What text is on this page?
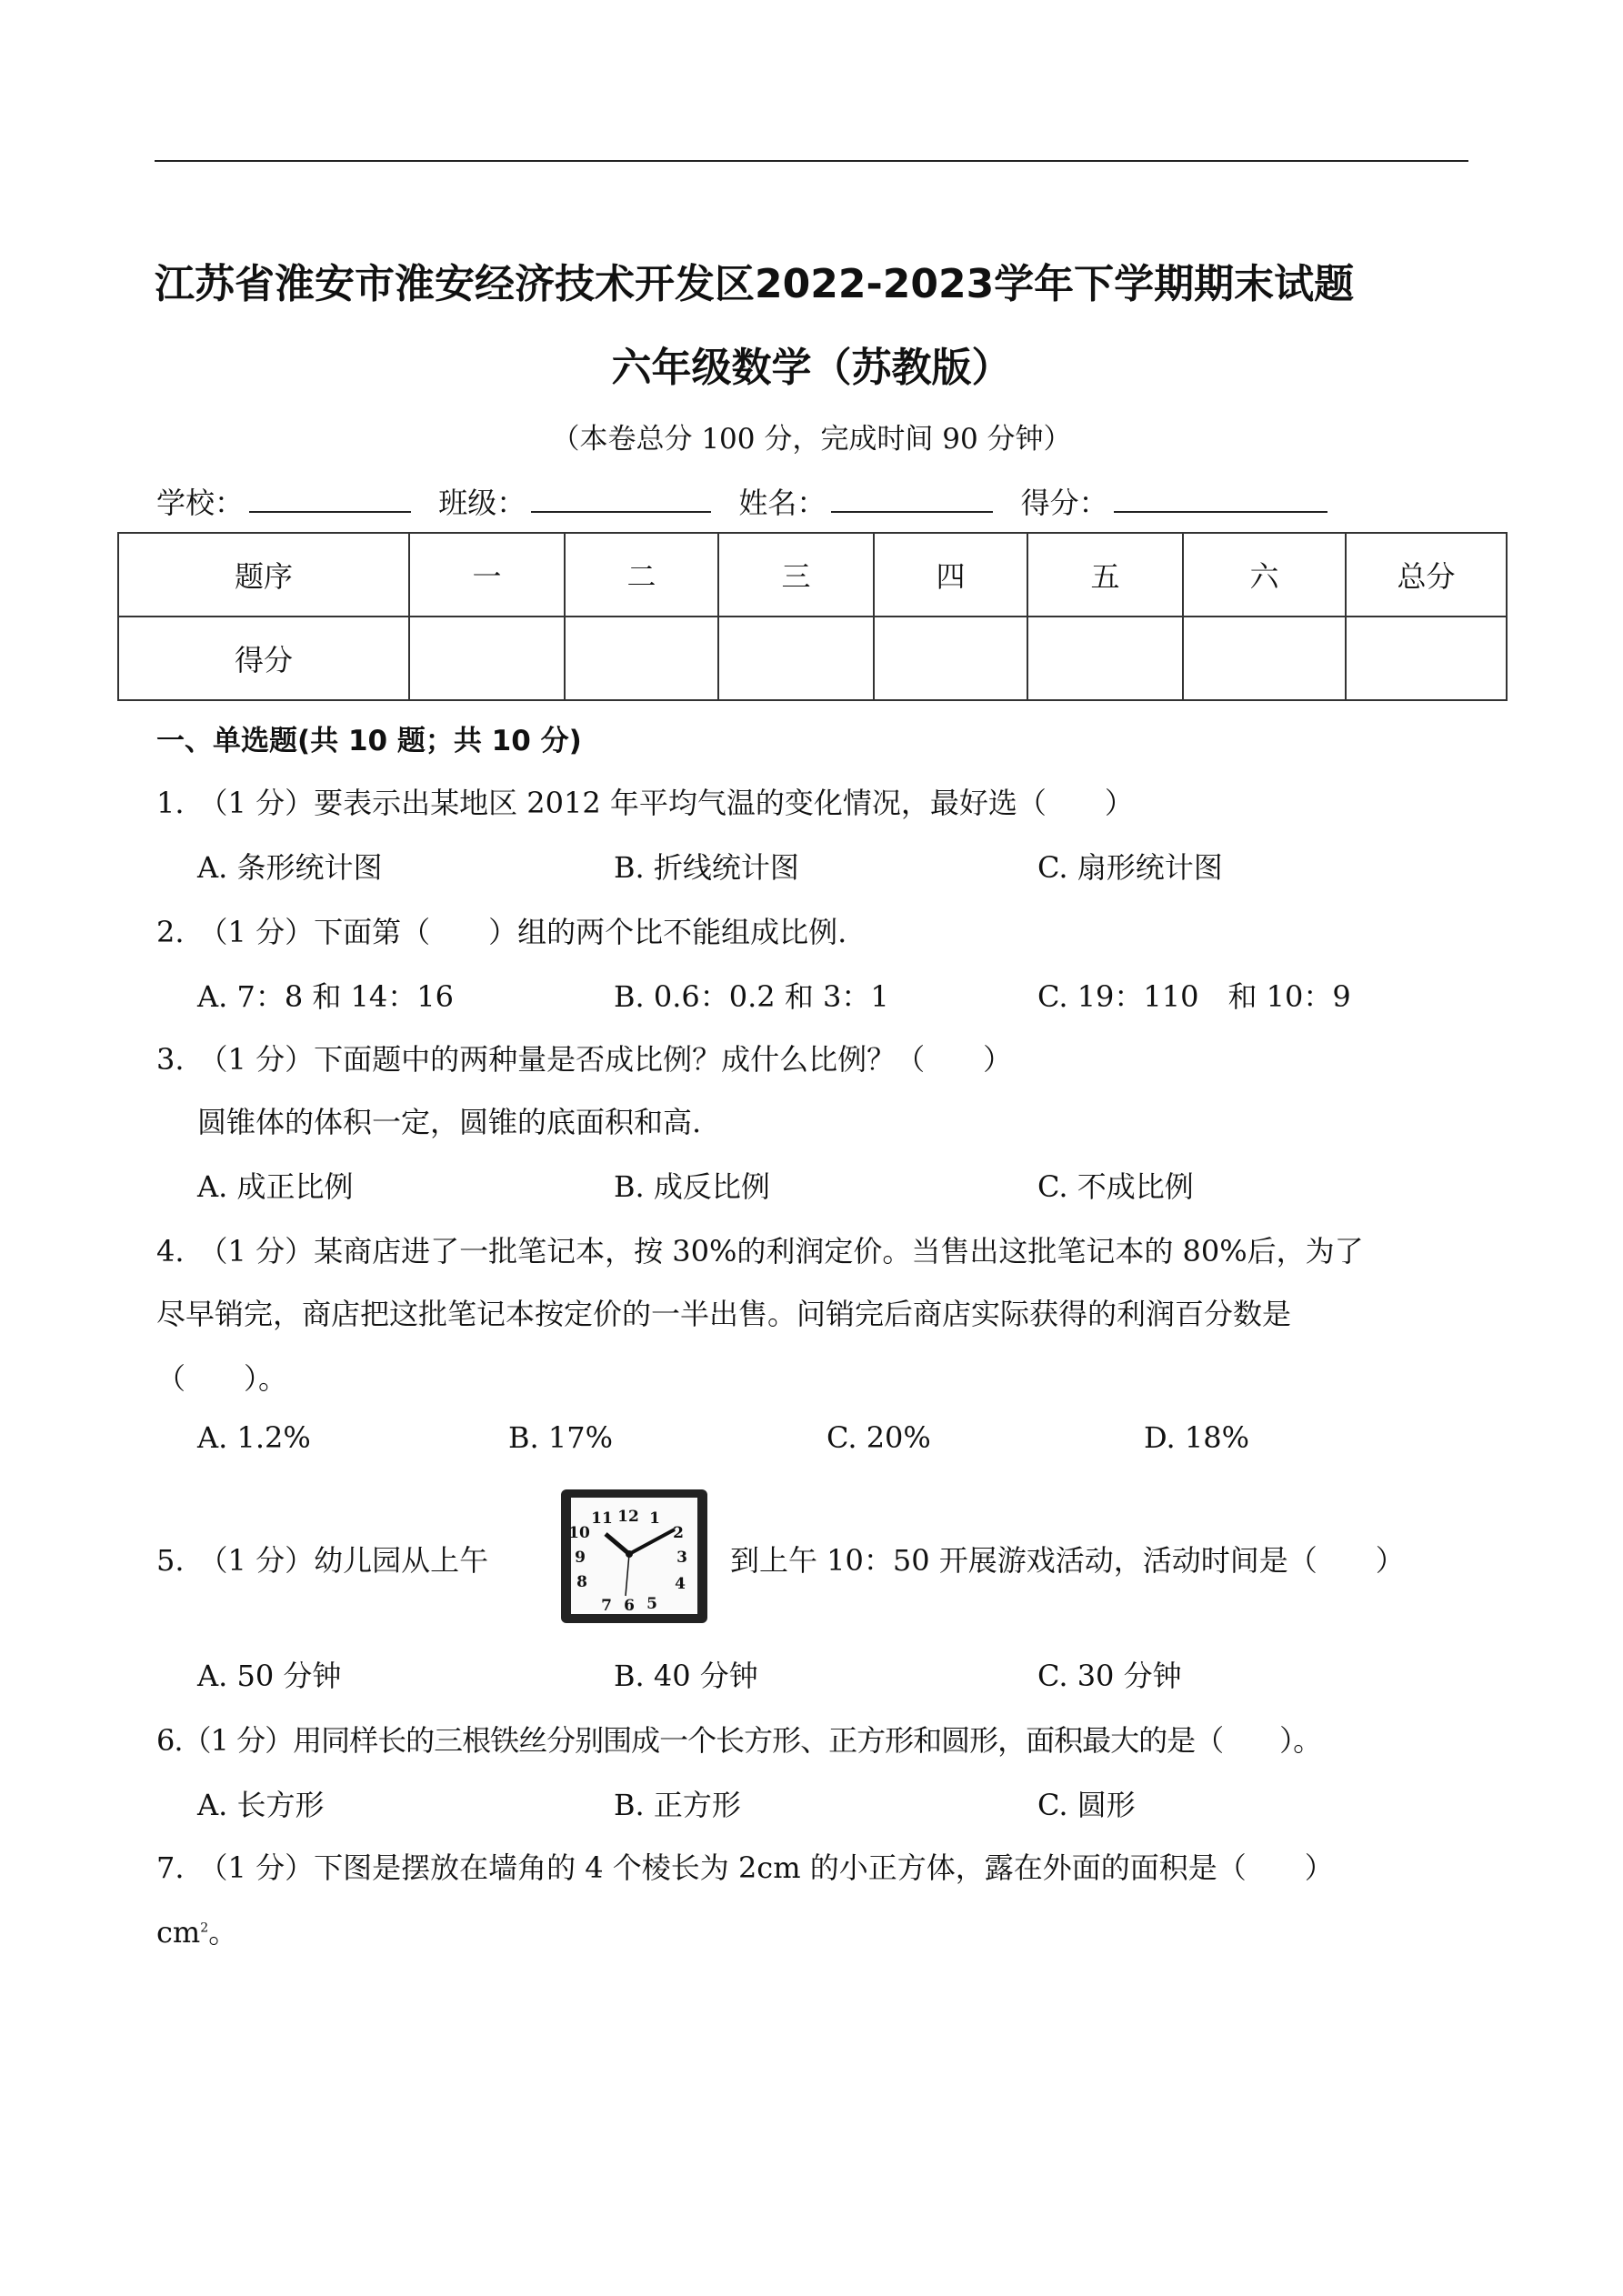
江苏省淮安市淮安经济技术开发区2022-2023学年下学期期末试题
六年级数学（苏教版）
（本卷总分 100 分，完成时间 90 分钟）
学校：	班级：	姓名：	得分：
题序	一	二	三	四	五	六	总分
得分							
一、单选题(共 10 题；共 10 分)
1.　（1 分）要表示出某地区 2012 年平均气温的变化情况，最好选（　　）
A. 条形统计图	B. 折线统计图	C. 扇形统计图
2.　（1 分）下面第（　　）组的两个比不能组成比例.
A. 7：8 和 14：16	B. 0.6：0.2 和 3：1	C. 19：110　和 10：9
3.　（1 分）下面题中的两种量是否成比例？成什么比例？（　　）
圆锥体的体积一定，圆锥的底面积和高.
A. 成正比例	B. 成反比例	C. 不成比例
4.　（1 分）某商店进了一批笔记本，按 30%的利润定价。当售出这批笔记本的 80%后，为了
尽早销完，商店把这批笔记本按定价的一半出售。问销完后商店实际获得的利润百分数是
（　　）。
A. 1.2%	B. 17%	C. 20%	D. 18%
5.　（1 分）幼儿园从上午
11 12 1
2
10
3
9
4
8
7 6 5
到上午 10：50 开展游戏活动，活动时间是（　　）
A. 50 分钟	B. 40 分钟	C. 30 分钟
6.（1 分）用同样长的三根铁丝分别围成一个长方形、正方形和圆形，面积最大的是（　　）。
A. 长方形	B. 正方形	C. 圆形
7.　（1 分）下图是摆放在墙角的 4 个棱长为 2cm 的小正方体，露在外面的面积是（　　）
$cm^2$。
